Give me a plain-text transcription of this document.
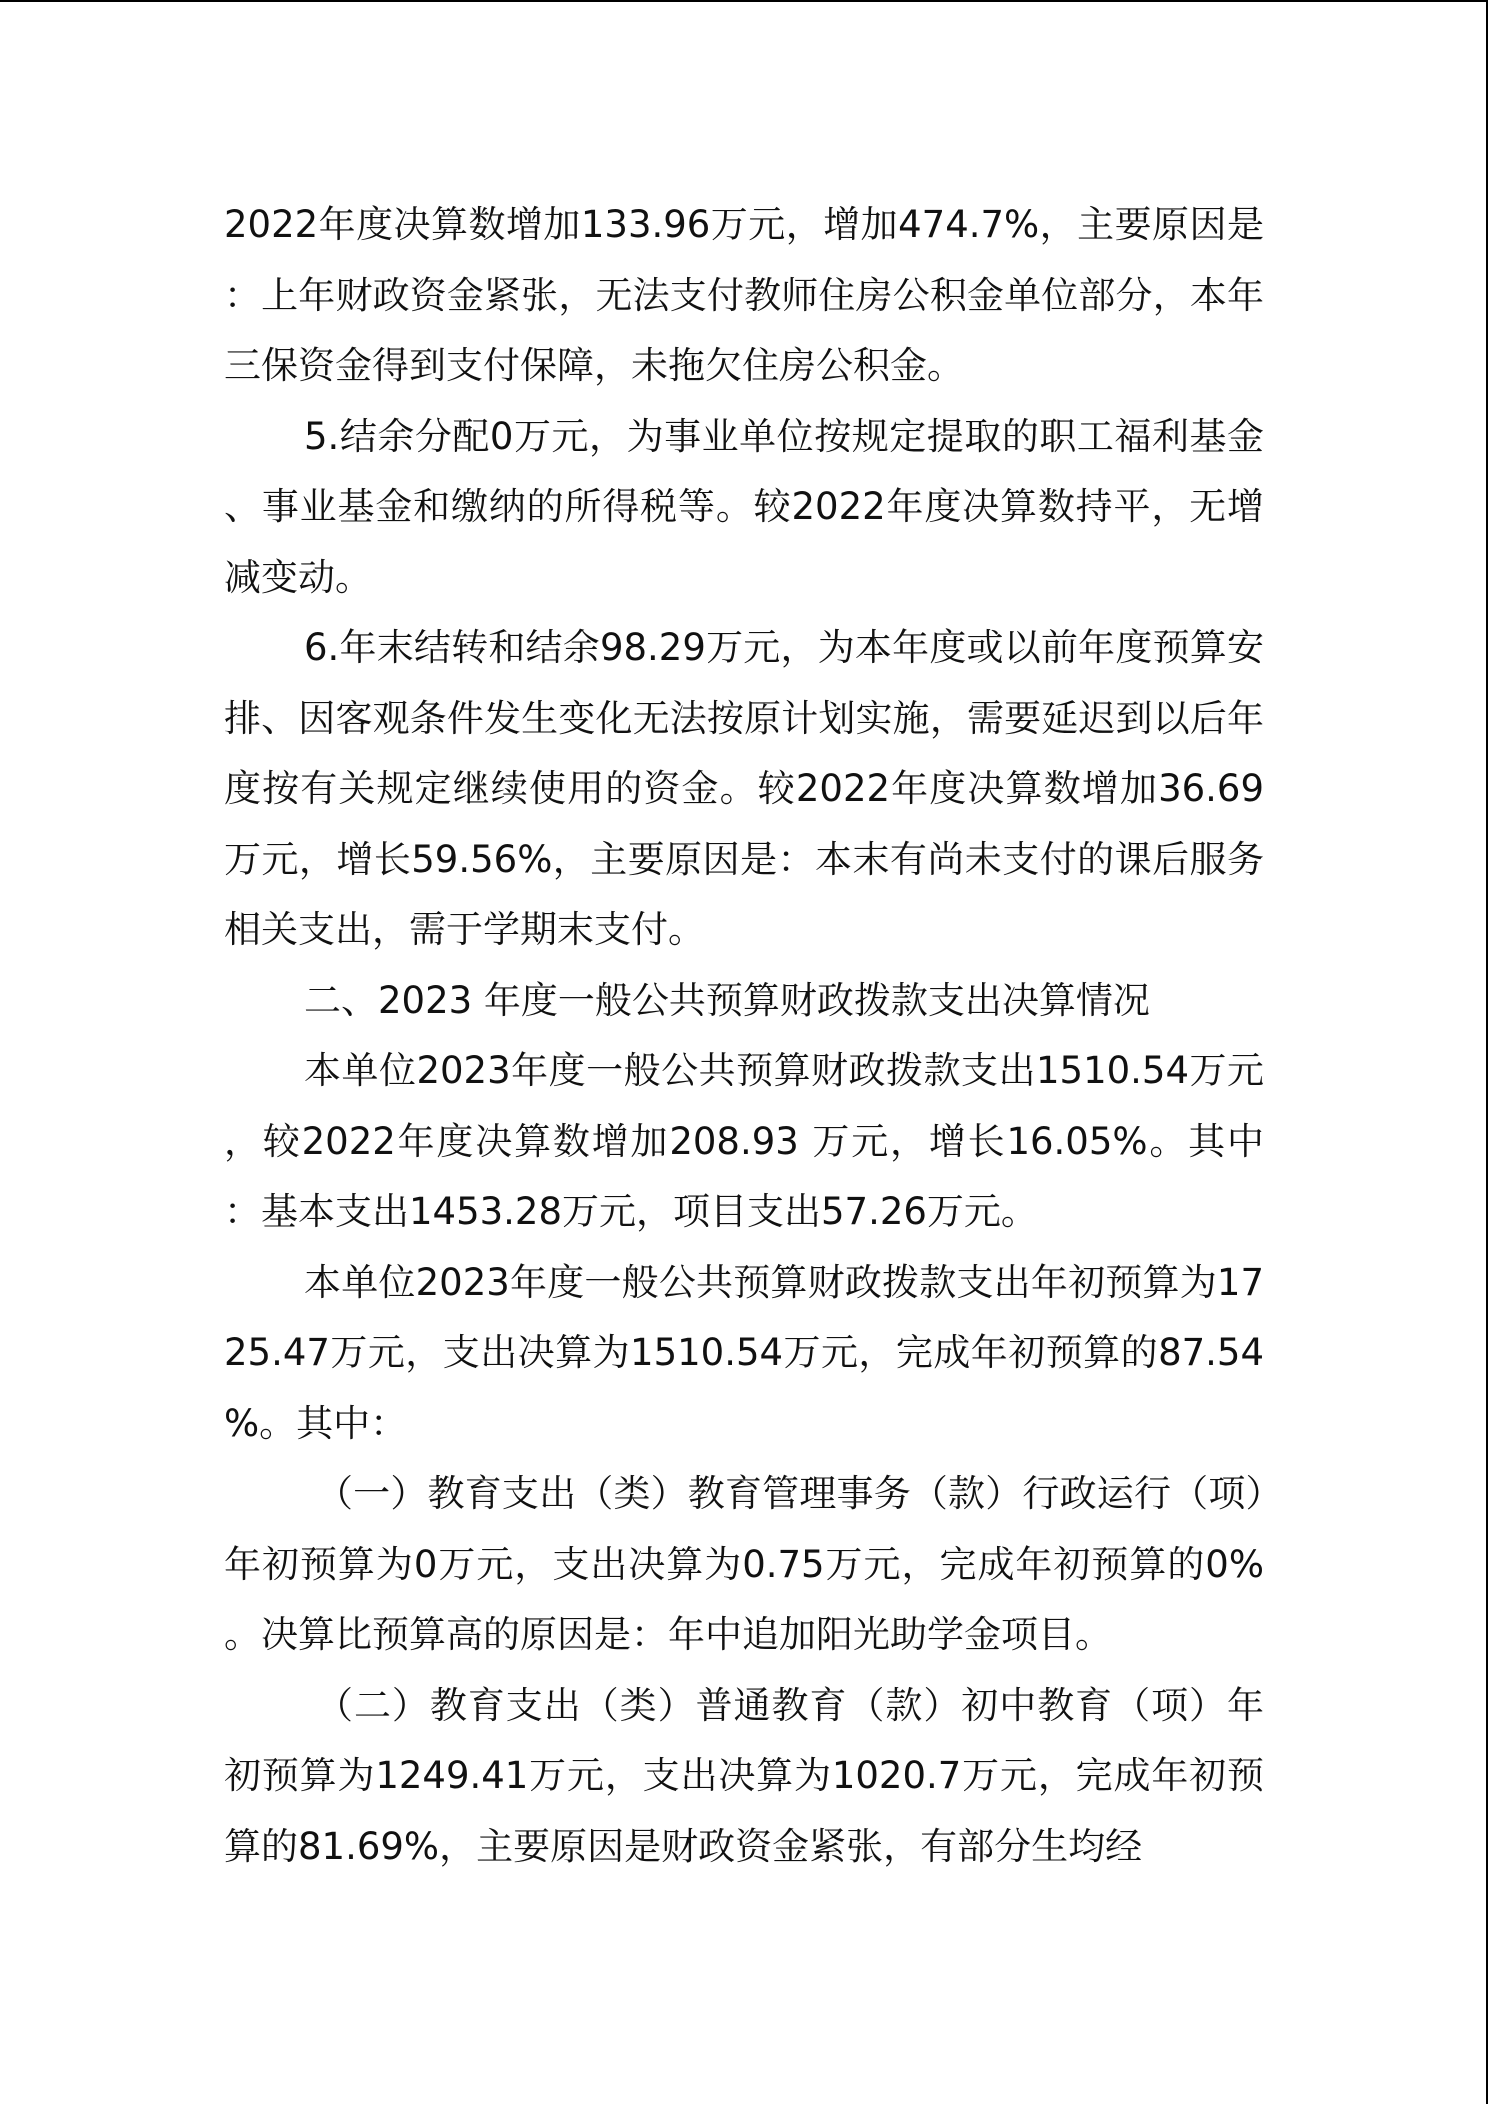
2022年度决算数增加133.96万元，增加474.7%，主要原因是：上年财政资金紧张，无法支付教师住房公积金单位部分，本年三保资金得到支付保障，未拖欠住房公积金。

5.结余分配0万元，为事业单位按规定提取的职工福利基金、事业基金和缴纳的所得税等。较2022年度决算数持平，无增减变动。

6.年末结转和结余98.29万元，为本年度或以前年度预算安排、因客观条件发生变化无法按原计划实施，需要延迟到以后年度按有关规定继续使用的资金。较2022年度决算数增加36.69万元，增长59.56%，主要原因是：本末有尚未支付的课后服务相关支出，需于学期末支付。

二、2023 年度一般公共预算财政拨款支出决算情况

本单位2023年度一般公共预算财政拨款支出1510.54万元，较2022年度决算数增加208.93 万元，增长16.05%。其中：基本支出1453.28万元，项目支出57.26万元。

本单位2023年度一般公共预算财政拨款支出年初预算为1725.47万元，支出决算为1510.54万元，完成年初预算的87.54%。其中：

（一）教育支出（类）教育管理事务（款）行政运行（项）年初预算为0万元，支出决算为0.75万元，完成年初预算的0%。决算比预算高的原因是：年中追加阳光助学金项目。

（二）教育支出（类）普通教育（款）初中教育（项）年初预算为1249.41万元，支出决算为1020.7万元，完成年初预算的81.69%，主要原因是财政资金紧张，有部分生均经
